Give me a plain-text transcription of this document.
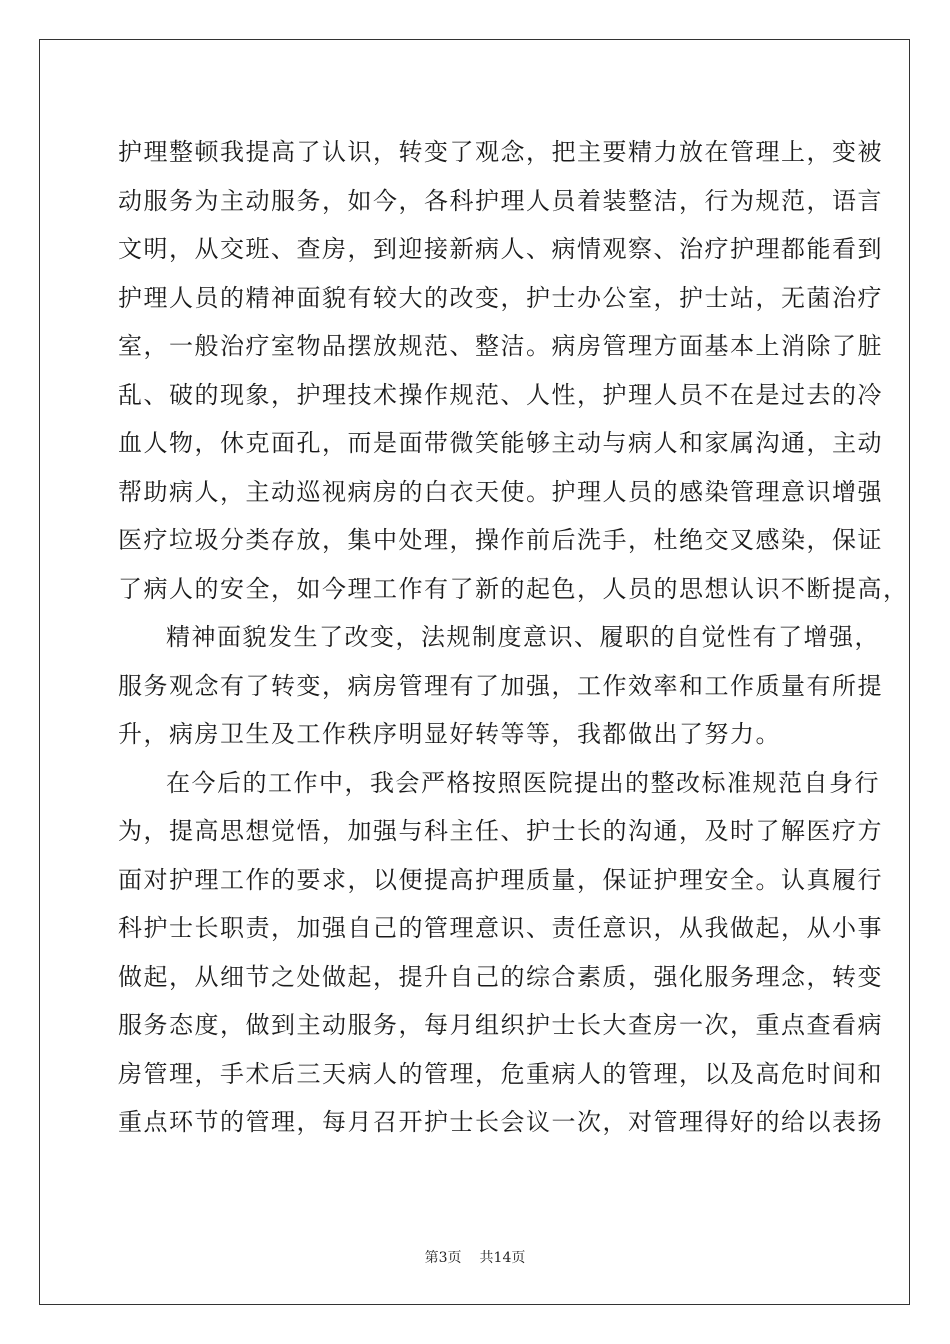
护理整顿我提高了认识，转变了观念，把主要精力放在管理上，变被
动服务为主动服务，如今，各科护理人员着装整洁，行为规范，语言
文明，从交班、查房，到迎接新病人、病情观察、治疗护理都能看到
护理人员的精神面貌有较大的改变，护士办公室，护士站，无菌治疗
室，一般治疗室物品摆放规范、整洁。病房管理方面基本上消除了脏
乱、破的现象，护理技术操作规范、人性，护理人员不在是过去的冷
血人物，休克面孔，而是面带微笑能够主动与病人和家属沟通，主动
帮助病人，主动巡视病房的白衣天使。护理人员的感染管理意识增强
医疗垃圾分类存放，集中处理，操作前后洗手，杜绝交叉感染，保证
了病人的安全，如今理工作有了新的起色，人员的思想认识不断提高，

精神面貌发生了改变，法规制度意识、履职的自觉性有了增强，
服务观念有了转变，病房管理有了加强，工作效率和工作质量有所提
升，病房卫生及工作秩序明显好转等等，我都做出了努力。

在今后的工作中，我会严格按照医院提出的整改标准规范自身行
为，提高思想觉悟，加强与科主任、护士长的沟通，及时了解医疗方
面对护理工作的要求，以便提高护理质量，保证护理安全。认真履行
科护士长职责，加强自己的管理意识、责任意识，从我做起，从小事
做起，从细节之处做起，提升自己的综合素质，强化服务理念，转变
服务态度，做到主动服务，每月组织护士长大查房一次，重点查看病
房管理，手术后三天病人的管理，危重病人的管理，以及高危时间和
重点环节的管理，每月召开护士长会议一次，对管理得好的给以表扬

第3页 共14页
